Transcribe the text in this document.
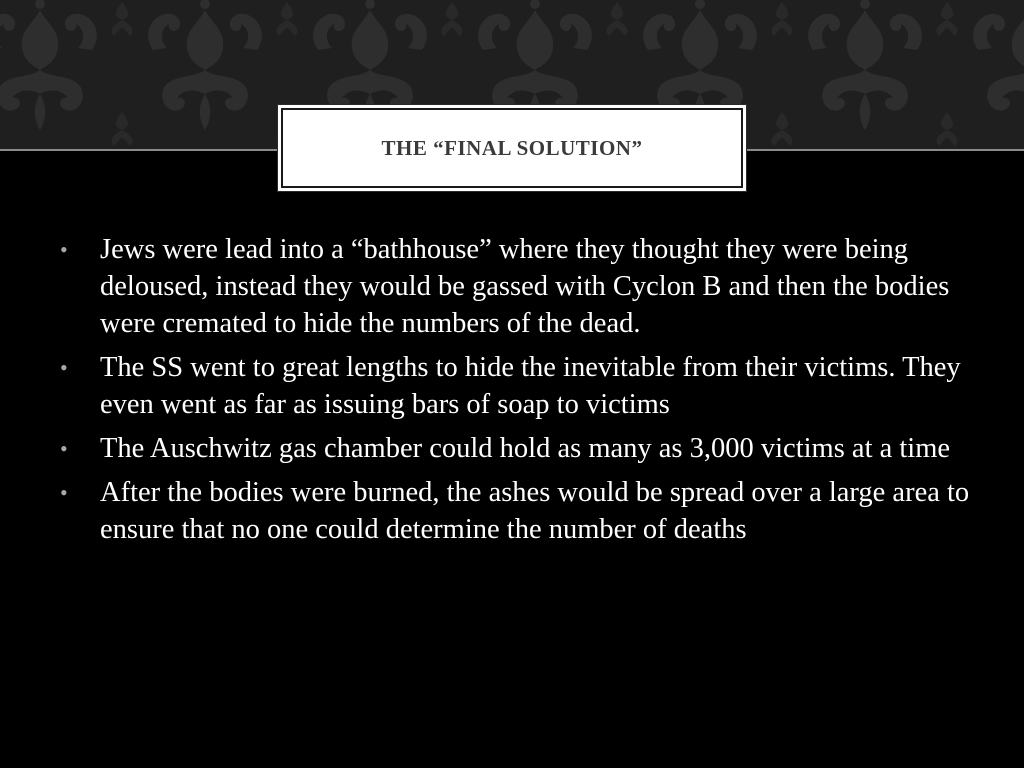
THE “FINAL SOLUTION”
• Jews were lead into a “bathhouse” where they thought they were being deloused, instead they would be gassed with Cyclon B and then the bodies were cremated to hide the numbers of the dead.
• The SS went to great lengths to hide the inevitable from their victims. They even went as far as issuing bars of soap to victims
• The Auschwitz gas chamber could hold as many as 3,000 victims at a time
• After the bodies were burned, the ashes would be spread over a large area to ensure that no one could determine the number of deaths
